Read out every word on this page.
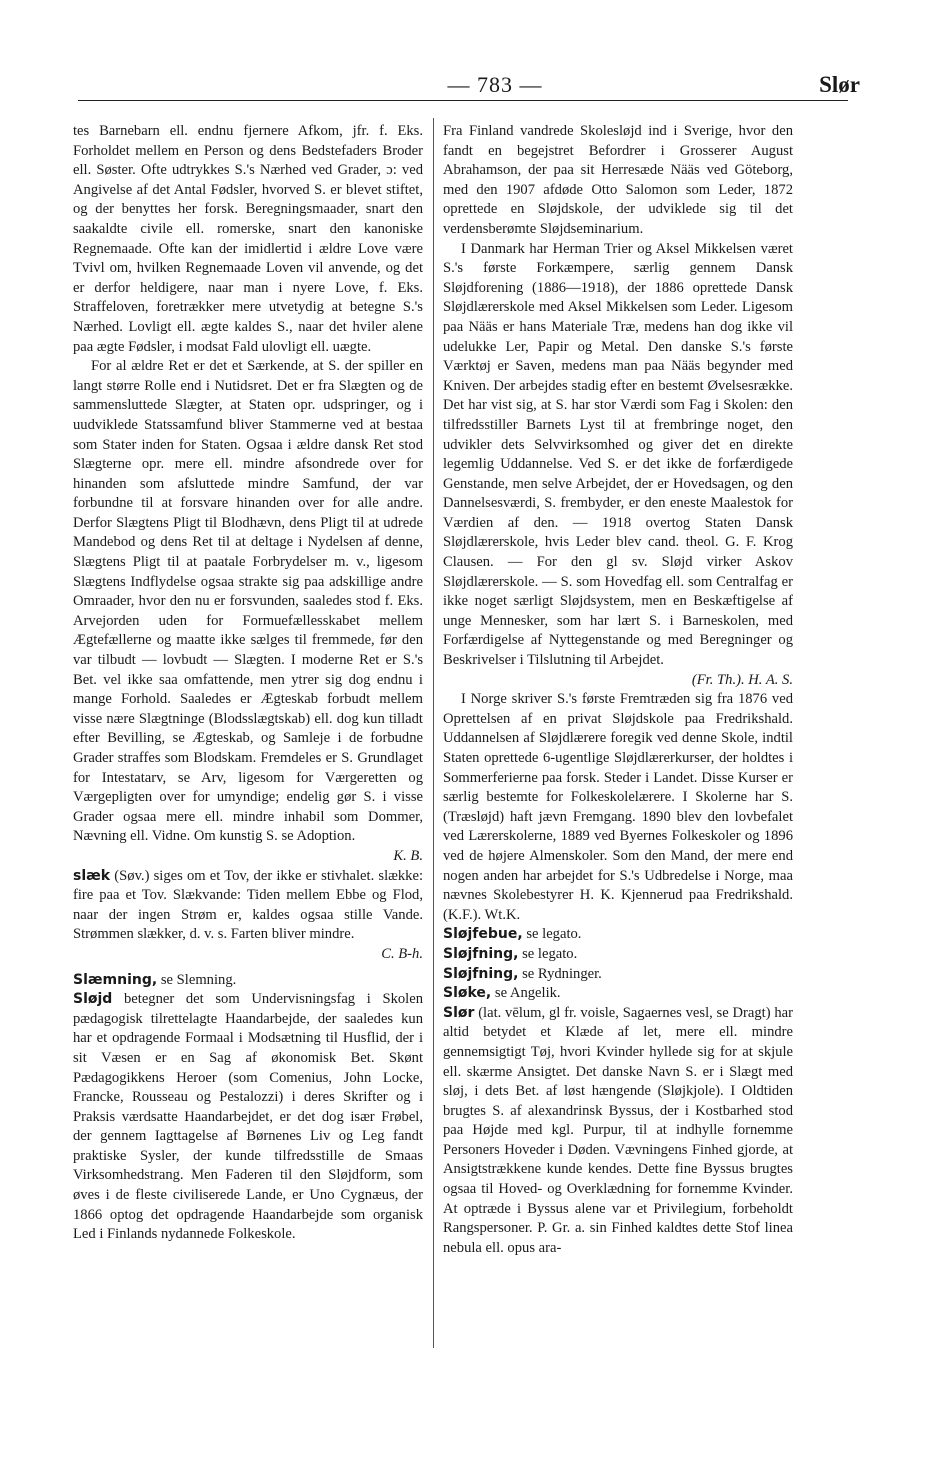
— 783 —	Slør

tes Barnebarn ell. endnu fjernere Afkom, jfr. f. Eks. Forholdet mellem en Person og dens Bedstefaders Broder ell. Søster. Ofte udtrykkes S.'s Nærhed ved Grader, ɔ: ved Angivelse af det Antal Fødsler, hvorved S. er blevet stiftet, og der benyttes her forsk. Beregningsmaader, snart den saakaldte civile ell. romerske, snart den kanoniske Regnemaade. Ofte kan der imidlertid i ældre Love være Tvivl om, hvilken Regnemaade Loven vil anvende, og det er derfor heldigere, naar man i nyere Love, f. Eks. Straffeloven, foretrækker mere utvetydig at betegne S.'s Nærhed. Lovligt ell. ægte kaldes S., naar det hviler alene paa ægte Fødsler, i modsat Fald ulovligt ell. uægte.

For al ældre Ret er det et Særkende, at S. der spiller en langt større Rolle end i Nutidsret. Det er fra Slægten og de sammensluttede Slægter, at Staten opr. udspringer, og i uudviklede Statssamfund bliver Stammerne ved at bestaa som Stater inden for Staten. Ogsaa i ældre dansk Ret stod Slægterne opr. mere ell. mindre afsondrede over for hinanden som afsluttede mindre Samfund, der var forbundne til at forsvare hinanden over for alle andre. Derfor Slægtens Pligt til Blodhævn, dens Pligt til at udrede Mandebod og dens Ret til at deltage i Nydelsen af denne, Slægtens Pligt til at paatale Forbrydelser m. v., ligesom Slægtens Indflydelse ogsaa strakte sig paa adskillige andre Omraader, hvor den nu er forsvunden, saaledes stod f. Eks. Arvejorden uden for Formuefællesskabet mellem Ægtefællerne og maatte ikke sælges til fremmede, før den var tilbudt — lovbudt — Slægten. I moderne Ret er S.'s Bet. vel ikke saa omfattende, men ytrer sig dog endnu i mange Forhold. Saaledes er Ægteskab forbudt mellem visse nære Slægtninge (Blodsslægtskab) ell. dog kun tilladt efter Bevilling, se Ægteskab, og Samleje i de forbudne Grader straffes som Blodskam. Fremdeles er S. Grundlaget for Intestatarv, se Arv, ligesom for Værgeretten og Værgepligten over for umyndige; endelig gør S. i visse Grader ogsaa mere ell. mindre inhabil som Dommer, Nævning ell. Vidne. Om kunstig S. se Adoption.

K. B.

slæk (Søv.) siges om et Tov, der ikke er stivhalet. slække: fire paa et Tov. Slækvande: Tiden mellem Ebbe og Flod, naar der ingen Strøm er, kaldes ogsaa stille Vande. Strømmen slækker, d. v. s. Farten bliver mindre.

C. B-h.

Slæmning, se Slemning.

Sløjd betegner det som Undervisningsfag i Skolen pædagogisk tilrettelagte Haandarbejde, der saaledes kun har et opdragende Formaal i Modsætning til Husflid, der i sit Væsen er en Sag af økonomisk Bet. Skønt Pædagogikkens Heroer (som Comenius, John Locke, Francke, Rousseau og Pestalozzi) i deres Skrifter og i Praksis værdsatte Haandarbejdet, er det dog især Frøbel, der gennem Iagttagelse af Børnenes Liv og Leg fandt praktiske Sysler, der kunde tilfredsstille de Smaas Virksomhedstrang. Men Faderen til den Sløjdform, som øves i de fleste civiliserede Lande, er Uno Cygnæus, der 1866 optog det opdragende Haandarbejde som organisk Led i Finlands nydannede Folkeskole.

Fra Finland vandrede Skolesløjd ind i Sverige, hvor den fandt en begejstret Befordrer i Grosserer August Abrahamson, der paa sit Herresæde Nääs ved Göteborg, med den 1907 afdøde Otto Salomon som Leder, 1872 oprettede en Sløjdskole, der udviklede sig til det verdensberømte Sløjdseminarium.

I Danmark har Herman Trier og Aksel Mikkelsen været S.'s første Forkæmpere, særlig gennem Dansk Sløjdforening (1886—1918), der 1886 oprettede Dansk Sløjdlærerskole med Aksel Mikkelsen som Leder. Ligesom paa Nääs er hans Materiale Træ, medens han dog ikke vil udelukke Ler, Papir og Metal. Den danske S.'s første Værktøj er Saven, medens man paa Nääs begynder med Kniven. Der arbejdes stadig efter en bestemt Øvelsesrække. Det har vist sig, at S. har stor Værdi som Fag i Skolen: den tilfredsstiller Barnets Lyst til at frembringe noget, den udvikler dets Selvvirksomhed og giver det en direkte legemlig Uddannelse. Ved S. er det ikke de forfærdigede Genstande, men selve Arbejdet, der er Hovedsagen, og den Dannelsesværdi, S. frembyder, er den eneste Maalestok for Værdien af den. — 1918 overtog Staten Dansk Sløjdlærerskole, hvis Leder blev cand. theol. G. F. Krog Clausen. — For den gl sv. Sløjd virker Askov Sløjdlærerskole. — S. som Hovedfag ell. som Centralfag er ikke noget særligt Sløjdsystem, men en Beskæftigelse af unge Mennesker, som har lært S. i Barneskolen, med Forfærdigelse af Nyttegenstande og med Beregninger og Beskrivelser i Tilslutning til Arbejdet.

(Fr. Th.). H. A. S.

I Norge skriver S.'s første Fremtræden sig fra 1876 ved Oprettelsen af en privat Sløjdskole paa Fredrikshald. Uddannelsen af Sløjdlærere foregik ved denne Skole, indtil Staten oprettede 6-ugentlige Sløjdlærerkurser, der holdtes i Sommerferierne paa forsk. Steder i Landet. Disse Kurser er særlig bestemte for Folkeskolelærere. I Skolerne har S. (Træsløjd) haft jævn Fremgang. 1890 blev den lovbefalet ved Lærerskolerne, 1889 ved Byernes Folkeskoler og 1896 ved de højere Almenskoler. Som den Mand, der mere end nogen anden har arbejdet for S.'s Udbredelse i Norge, maa nævnes Skolebestyrer H. K. Kjennerud paa Fredrikshald. (K.F.). Wt.K.

Sløjfebue, se legato.

Sløjfning, se legato.

Sløjfning, se Rydninger.

Sløke, se Angelik.

Slør (lat. vēlum, gl fr. voisle, Sagaernes vesl, se Dragt) har altid betydet et Klæde af let, mere ell. mindre gennemsigtigt Tøj, hvori Kvinder hyllede sig for at skjule ell. skærme Ansigtet. Det danske Navn S. er i Slægt med sløj, i dets Bet. af løst hængende (Sløjkjole). I Oldtiden brugtes S. af alexandrinsk Byssus, der i Kostbarhed stod paa Højde med kgl. Purpur, til at indhylle fornemme Personers Hoveder i Døden. Vævningens Finhed gjorde, at Ansigtstrækkene kunde kendes. Dette fine Byssus brugtes ogsaa til Hoved- og Overklædning for fornemme Kvinder. At optræde i Byssus alene var et Privilegium, forbeholdt Rangspersoner. P. Gr. a. sin Finhed kaldtes dette Stof linea nebula ell. opus ara-
